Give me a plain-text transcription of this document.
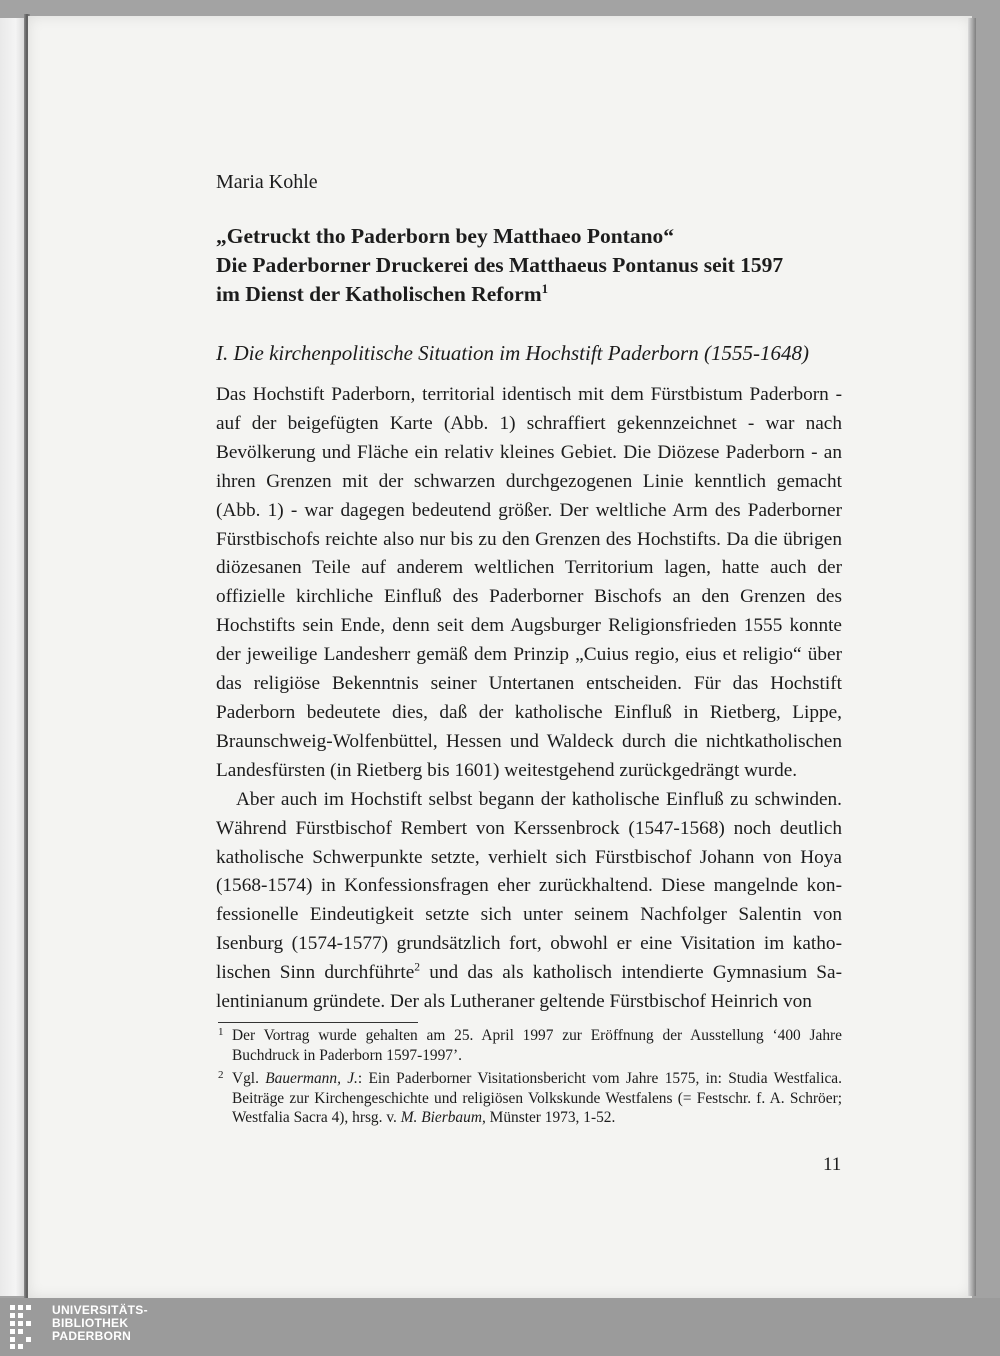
UNIVERSITÄTS-
BIBLIOTHEK
PADERBORN
Maria Kohle
„Getruckt tho Paderborn bey Matthaeo Pontano“
Die Paderborner Druckerei des Matthaeus Pontanus seit 1597
im Dienst der Katholischen Reform$^1$
I. Die kirchenpolitische Situation im Hochstift Paderborn (1555-1648)

Das Hochstift Paderborn, territorial identisch mit dem Fürstbistum Paderborn - auf der beigefügten Karte (Abb. 1) schraffiert gekennzeichnet - war nach Bevölkerung und Fläche ein relativ kleines Gebiet. Die Diözese Paderborn - an ihren Grenzen mit der schwarzen durchgezogenen Linie kenntlich gemacht (Abb. 1) - war dagegen bedeutend größer. Der weltliche Arm des Paderborner Fürstbischofs reichte also nur bis zu den Grenzen des Hochstifts. Da die übrigen diözesanen Teile auf anderem weltlichen Territorium lagen, hatte auch der offizielle kirchliche Einfluß des Paderborner Bischofs an den Grenzen des Hochstifts sein Ende, denn seit dem Augsburger Religionsfrieden 1555 konnte der jeweilige Landesherr gemäß dem Prinzip „Cuius regio, eius et religio“ über das religiöse Bekenntnis seiner Untertanen entscheiden. Für das Hochstift Paderborn bedeutete dies, daß der katholische Einfluß in Rietberg, Lippe, Braunschweig-Wolfenbüttel, Hessen und Waldeck durch die nichtkatholischen Landesfürsten (in Rietberg bis 1601) weitestgehend zurückgedrängt wurde.

Aber auch im Hochstift selbst begann der katholische Einfluß zu schwinden. Während Fürstbischof Rembert von Kerssenbrock (1547-1568) noch deutlich katholische Schwerpunkte setzte, verhielt sich Fürstbischof Johann von Hoya (1568-1574) in Konfessionsfragen eher zurückhaltend. Diese mangelnde konfessionelle Eindeutigkeit setzte sich unter seinem Nachfolger Salentin von Isenburg (1574-1577) grundsätzlich fort, obwohl er eine Visitation im katholischen Sinn durchführte$^2$ und das als katholisch intendierte Gymnasium Salentinianum gründete. Der als Lutheraner geltende Fürstbischof Heinrich von

1 Der Vortrag wurde gehalten am 25. April 1997 zur Eröffnung der Ausstellung ‘400 Jahre Buchdruck in Paderborn 1597-1997’.
2 Vgl. Bauermann, J.: Ein Paderborner Visitationsbericht vom Jahre 1575, in: Studia Westfalica. Beiträge zur Kirchengeschichte und religiösen Volkskunde Westfalens (= Festschr. f. A. Schröer; Westfalia Sacra 4), hrsg. v. M. Bierbaum, Münster 1973, 1-52.
11
